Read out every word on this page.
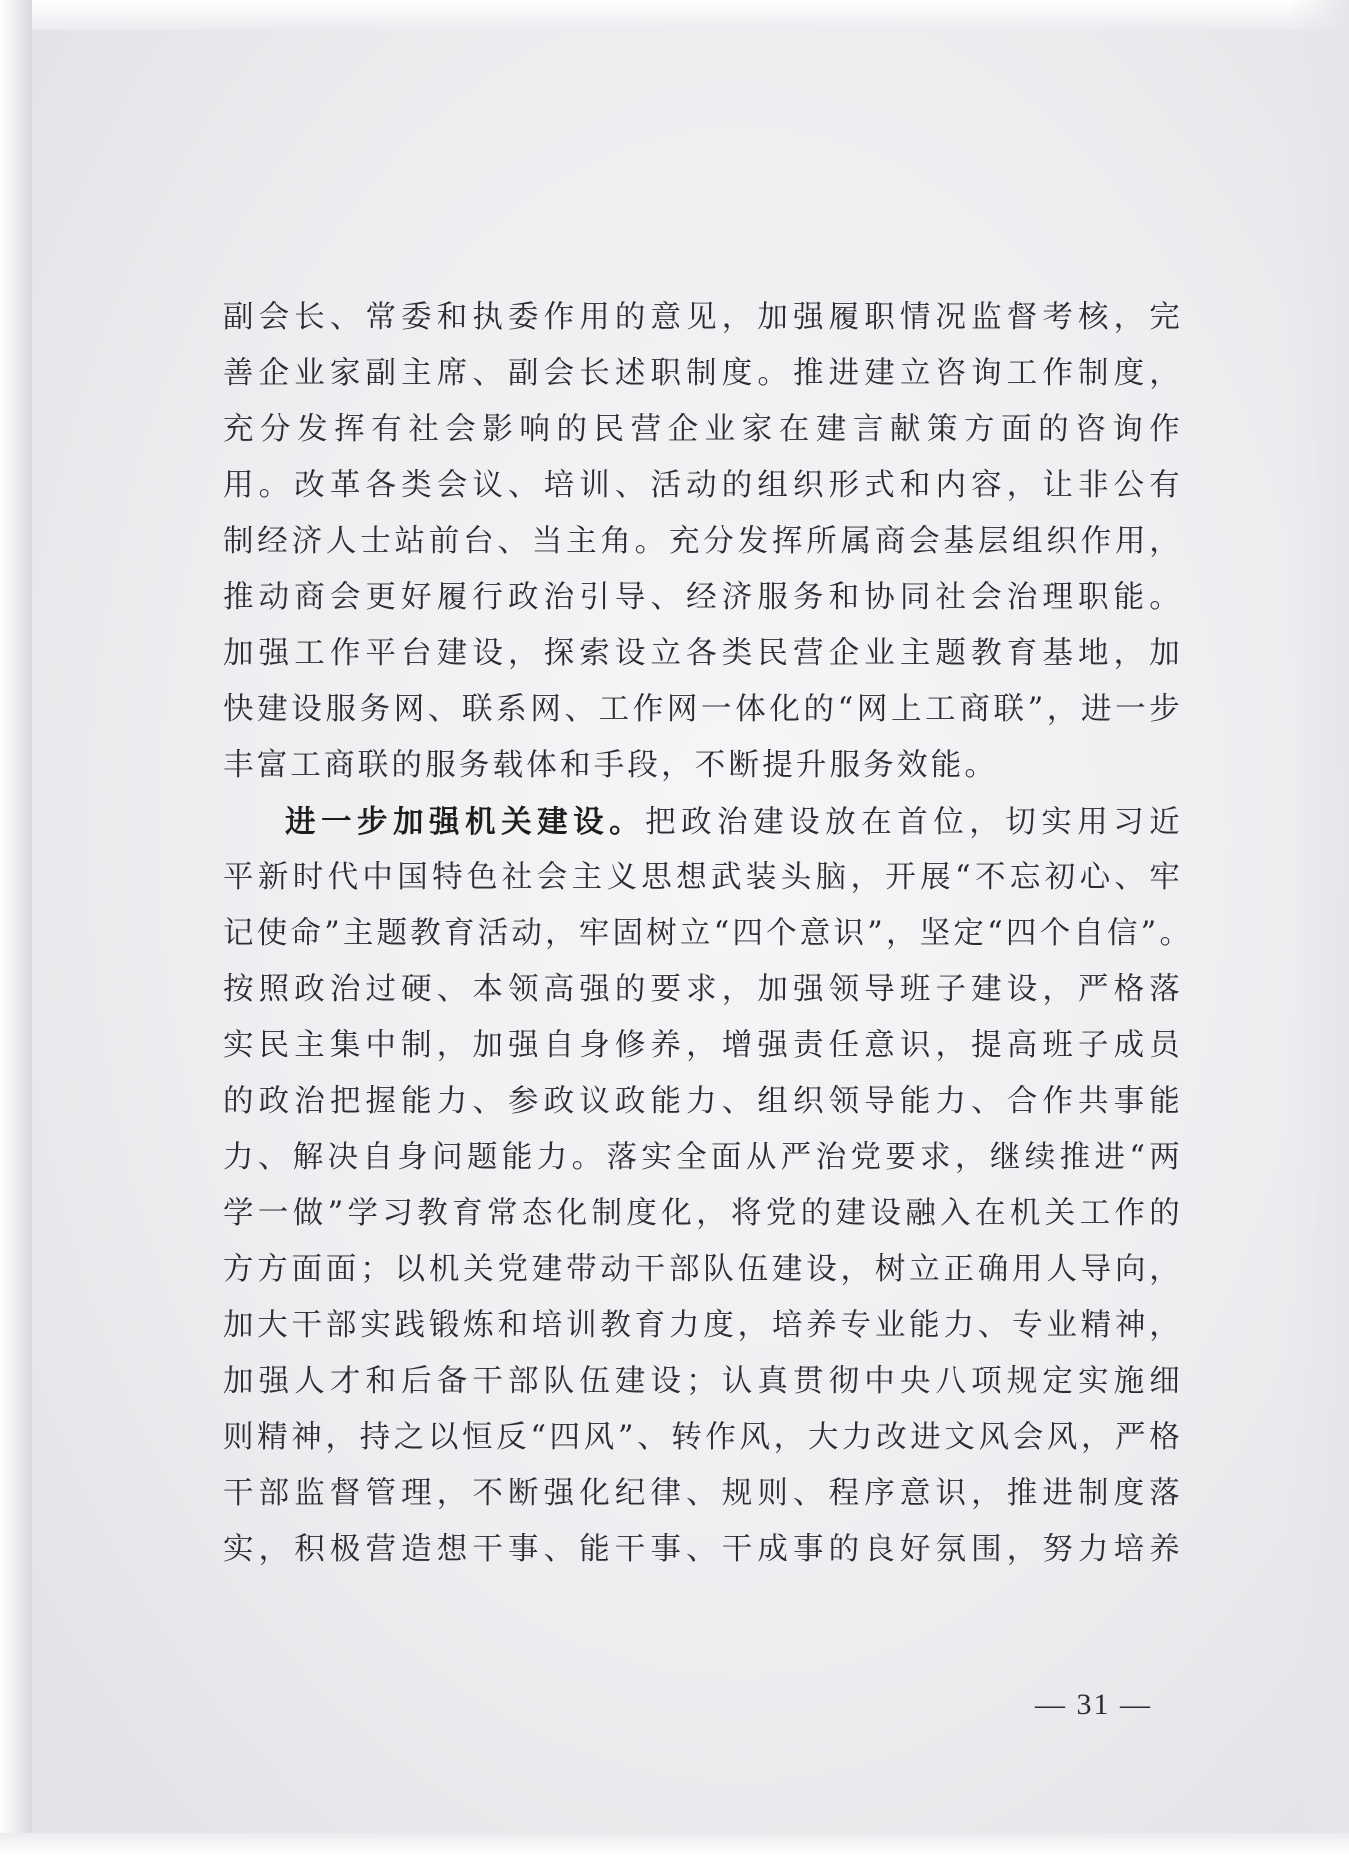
副会长、常委和执委作用的意见，加强履职情况监督考核，完
善企业家副主席、副会长述职制度。推进建立咨询工作制度，
充分发挥有社会影响的民营企业家在建言献策方面的咨询作
用。改革各类会议、培训、活动的组织形式和内容，让非公有
制经济人士站前台、当主角。充分发挥所属商会基层组织作用，
推动商会更好履行政治引导、经济服务和协同社会治理职能。
加强工作平台建设，探索设立各类民营企业主题教育基地，加
快建设服务网、联系网、工作网一体化的“网上工商联”，进一步
丰富工商联的服务载体和手段，不断提升服务效能。
进一步加强机关建设。把政治建设放在首位，切实用习近
平新时代中国特色社会主义思想武装头脑，开展“不忘初心、牢
记使命”主题教育活动，牢固树立“四个意识”，坚定“四个自信”。
按照政治过硬、本领高强的要求，加强领导班子建设，严格落
实民主集中制，加强自身修养，增强责任意识，提高班子成员
的政治把握能力、参政议政能力、组织领导能力、合作共事能
力、解决自身问题能力。落实全面从严治党要求，继续推进“两
学一做”学习教育常态化制度化，将党的建设融入在机关工作的
方方面面；以机关党建带动干部队伍建设，树立正确用人导向，
加大干部实践锻炼和培训教育力度，培养专业能力、专业精神，
加强人才和后备干部队伍建设；认真贯彻中央八项规定实施细
则精神，持之以恒反“四风”、转作风，大力改进文风会风，严格
干部监督管理，不断强化纪律、规则、程序意识，推进制度落
实，积极营造想干事、能干事、干成事的良好氛围，努力培养
— 31 —
